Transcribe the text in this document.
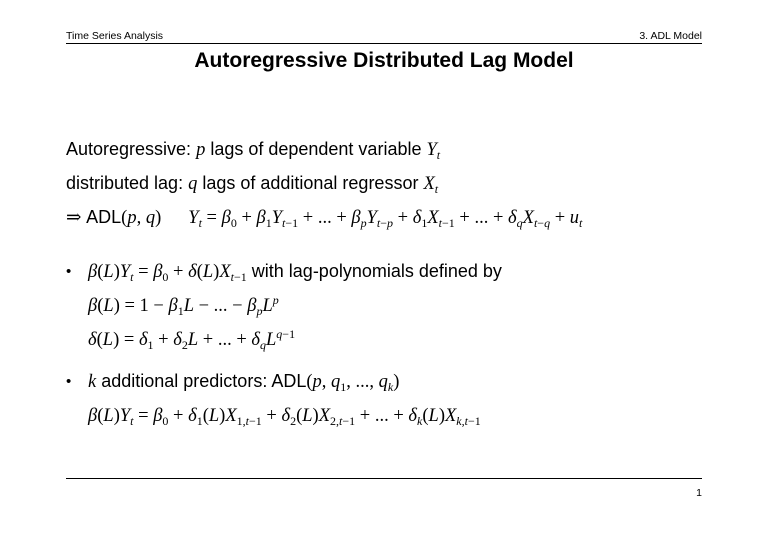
Time Series Analysis	3. ADL Model
Autoregressive Distributed Lag Model
Autoregressive: p lags of dependent variable $Y_t$
distributed lag: q lags of additional regressor $X_t$
⇒ ADL(p, q) $Y_t = \beta_0 + \beta_1Y_{t-1}$ + ... + $\beta_pY_{t-p} + \delta_1X_{t-1}$ + ... + $\delta_qX_{t-q} + u_t$
• $\beta(L)Y_t = \beta_0 + \delta(L)X_{t-1}$ with lag-polynomials defined by
$\beta(L) = 1 - \beta_1L$ − ... − $\beta_pL^p$
$\delta(L) = \delta_1 + \delta_2L$ + ... + $\delta_qL^{q-1}$
• k additional predictors: ADL(p, $q_1$, ..., $q_k$)
$\beta(L)Y_t = \beta_0 + \delta_1(L)X_{1,t-1} + \delta_2(L)X_{2,t-1}$ + ... + $\delta_k(L)X_{k,t-1}$
1
